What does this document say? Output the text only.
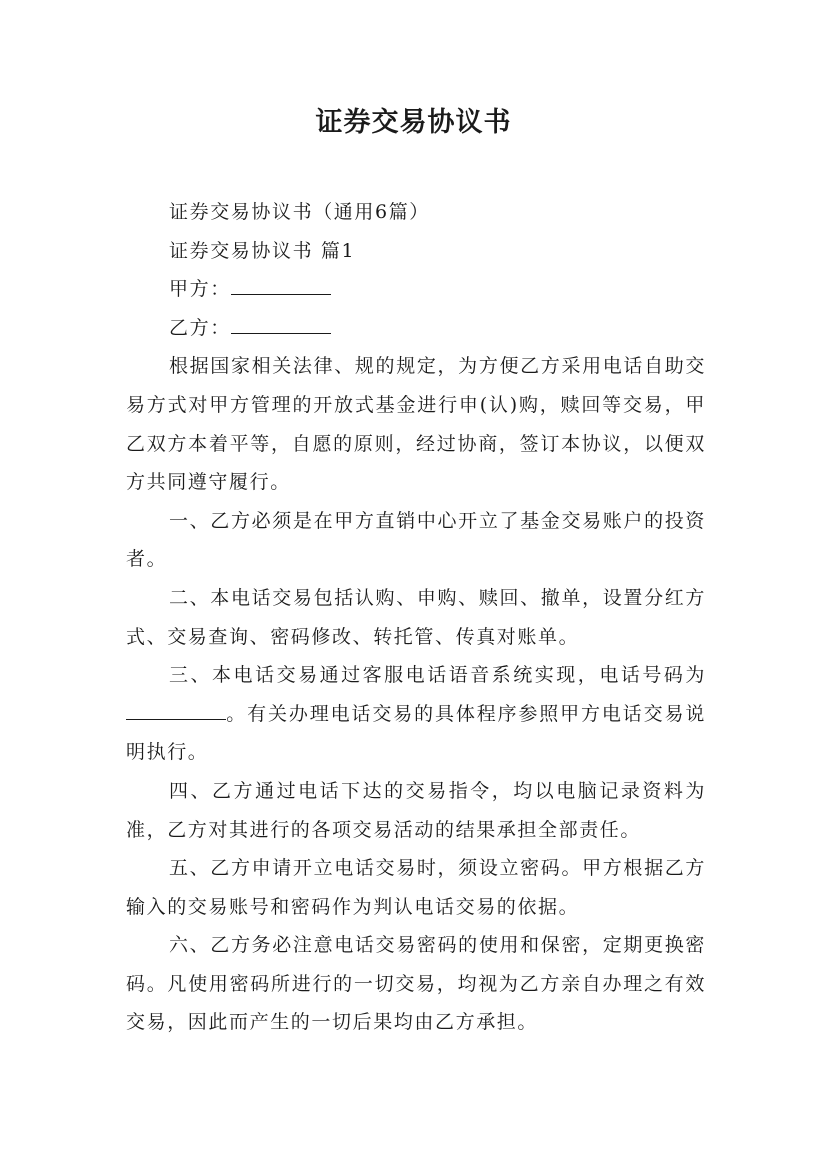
证券交易协议书

证券交易协议书（通用6篇）

证券交易协议书 篇1

甲方：

乙方：

根据国家相关法律、规的规定，为方便乙方采用电话自助交易方式对甲方管理的开放式基金进行申(认)购，赎回等交易，甲乙双方本着平等，自愿的原则，经过协商，签订本协议，以便双方共同遵守履行。

一、乙方必须是在甲方直销中心开立了基金交易账户的投资者。

二、本电话交易包括认购、申购、赎回、撤单，设置分红方式、交易查询、密码修改、转托管、传真对账单。

三、本电话交易通过客服电话语音系统实现，电话号码为。有关办理电话交易的具体程序参照甲方电话交易说明执行。

四、乙方通过电话下达的交易指令，均以电脑记录资料为准，乙方对其进行的各项交易活动的结果承担全部责任。

五、乙方申请开立电话交易时，须设立密码。甲方根据乙方输入的交易账号和密码作为判认电话交易的依据。

六、乙方务必注意电话交易密码的使用和保密，定期更换密码。凡使用密码所进行的一切交易，均视为乙方亲自办理之有效交易，因此而产生的一切后果均由乙方承担。
